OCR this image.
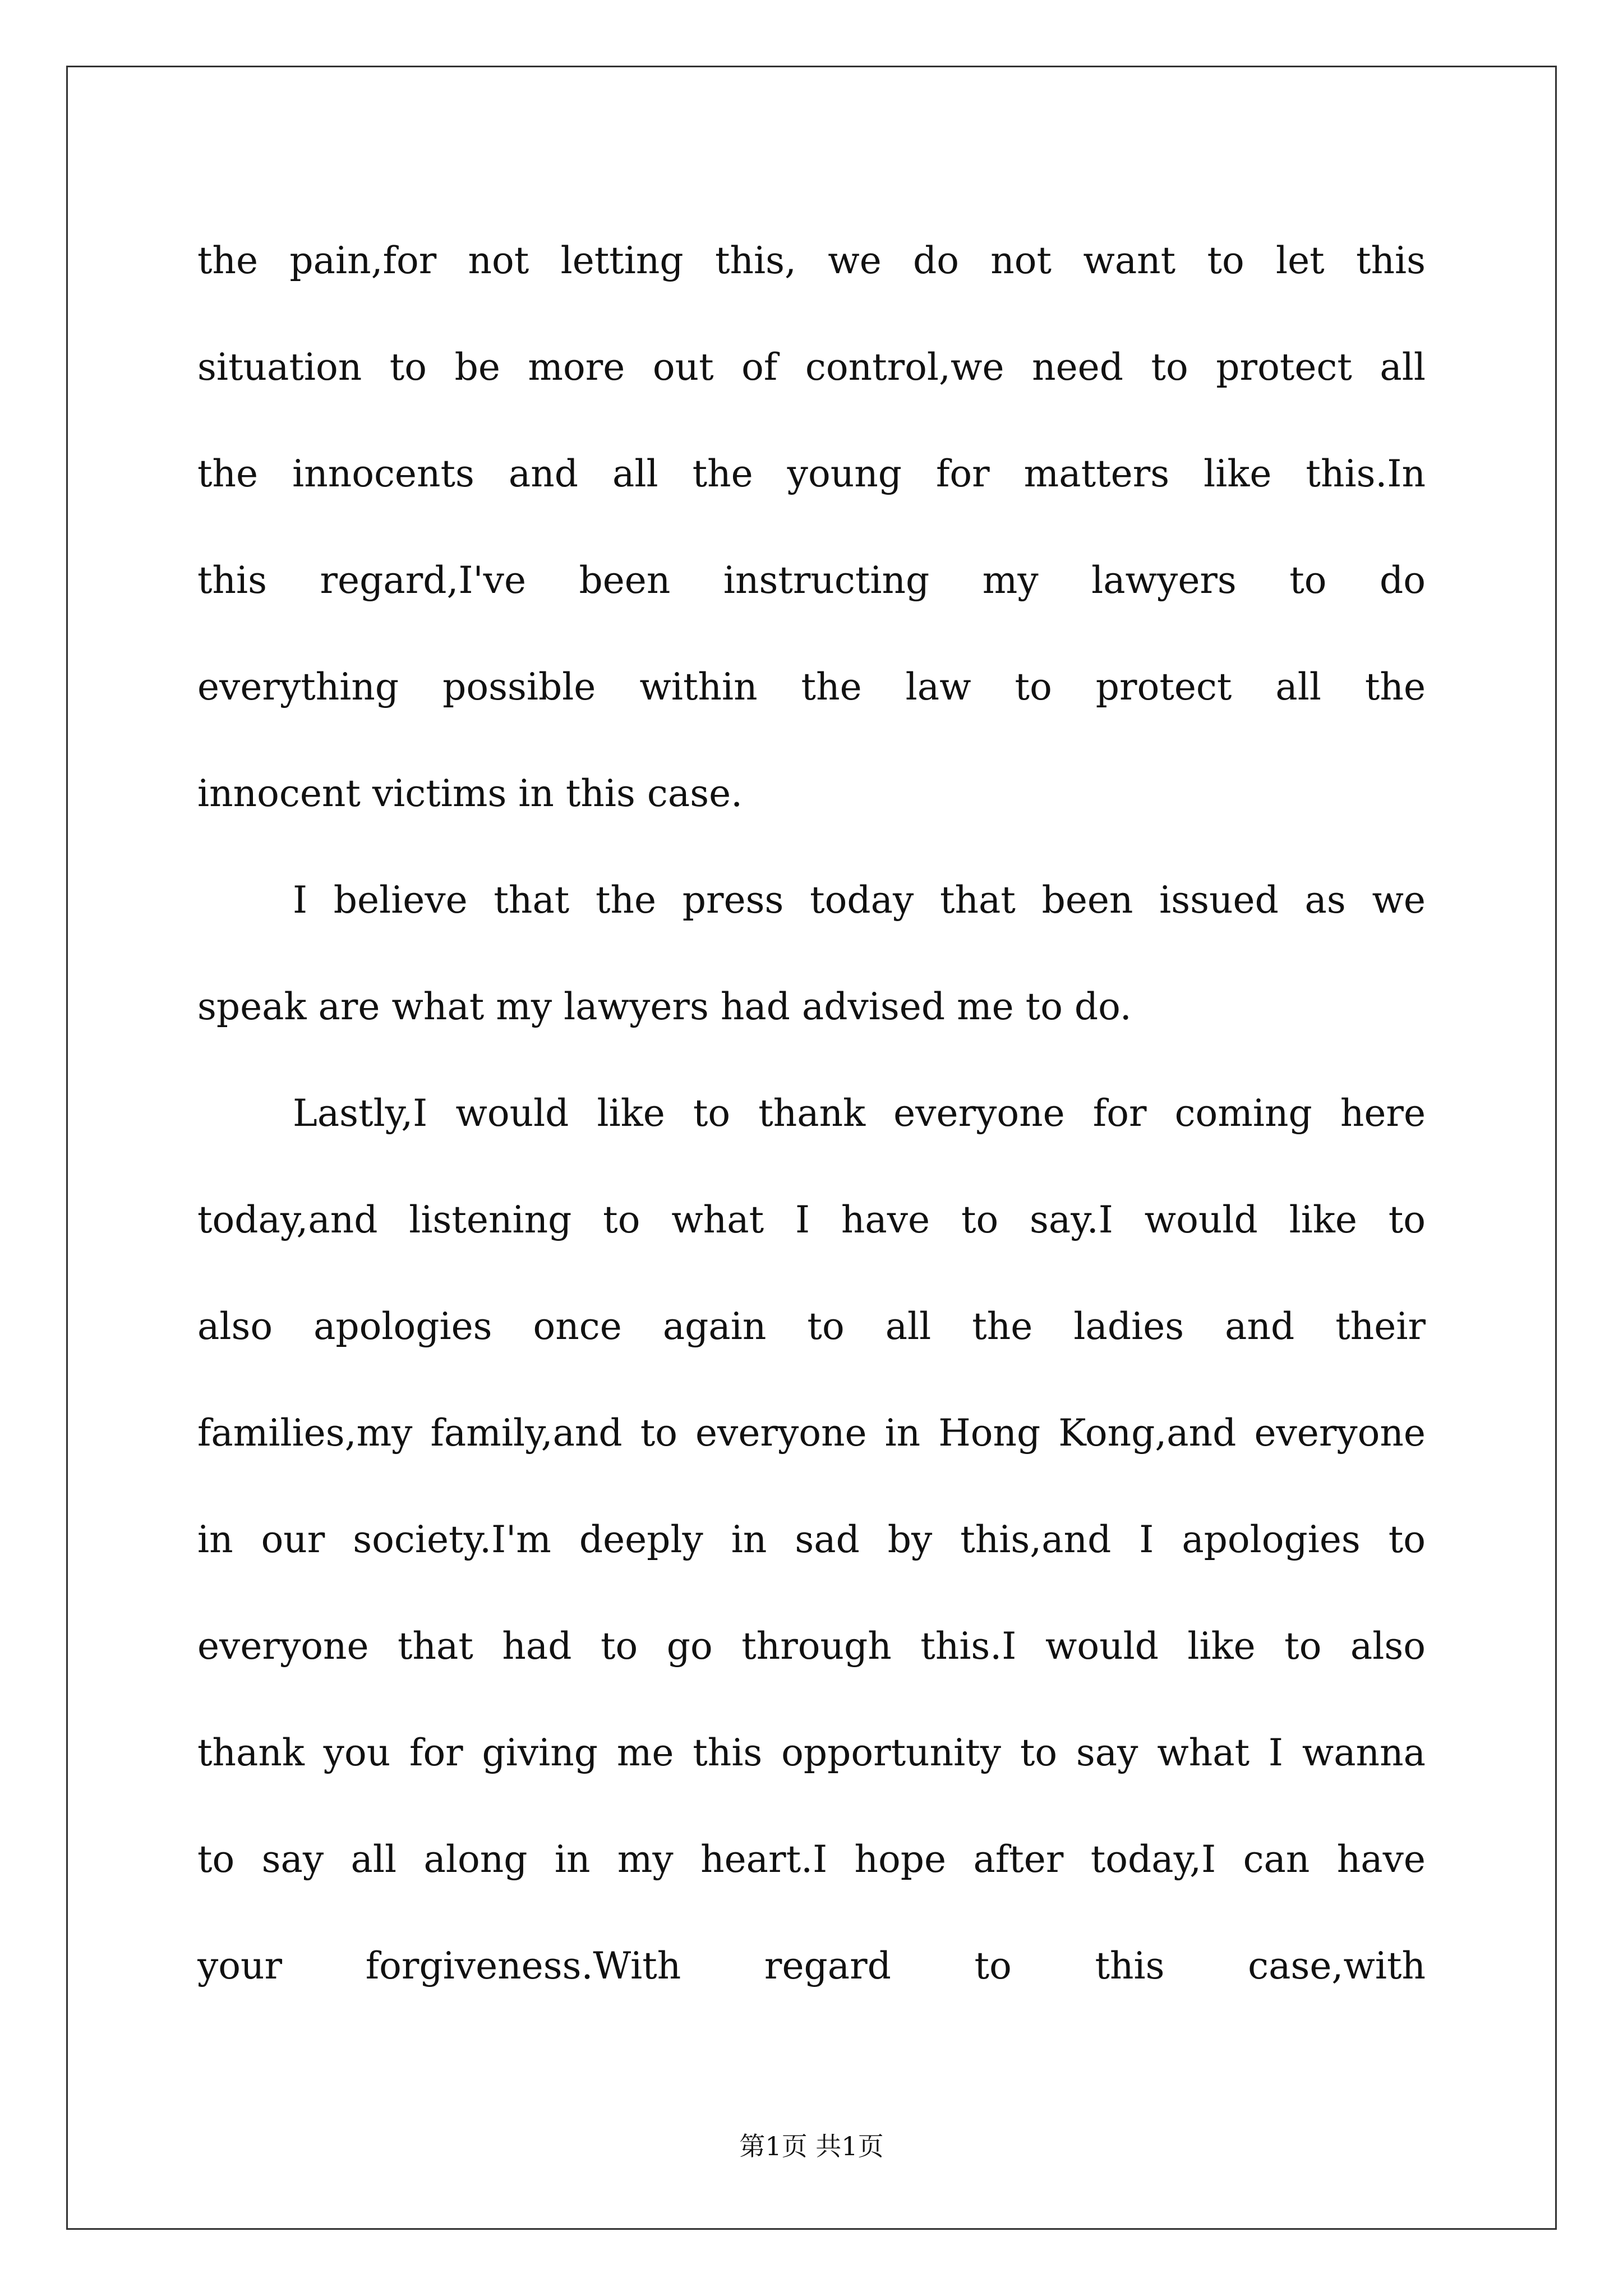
the pain,for not letting this, we do not want to let this
situation to be more out of control,we need to protect all
the innocents and all the young for matters like this.In
this regard,I've been instructing my lawyers to do
everything possible within the law to protect all the
innocent victims in this case.
I believe that the press today that been issued as we
speak are what my lawyers had advised me to do.
Lastly,I would like to thank everyone for coming here
today,and listening to what I have to say.I would like to
also apologies once again to all the ladies and their
families,my family,and to everyone in Hong Kong,and everyone
in our society.I'm deeply in sad by this,and I apologies to
everyone that had to go through this.I would like to also
thank you for giving me this opportunity to say what I wanna
to say all along in my heart.I hope after today,I can have
your forgiveness.With regard to this case,with
第1页 共1页
